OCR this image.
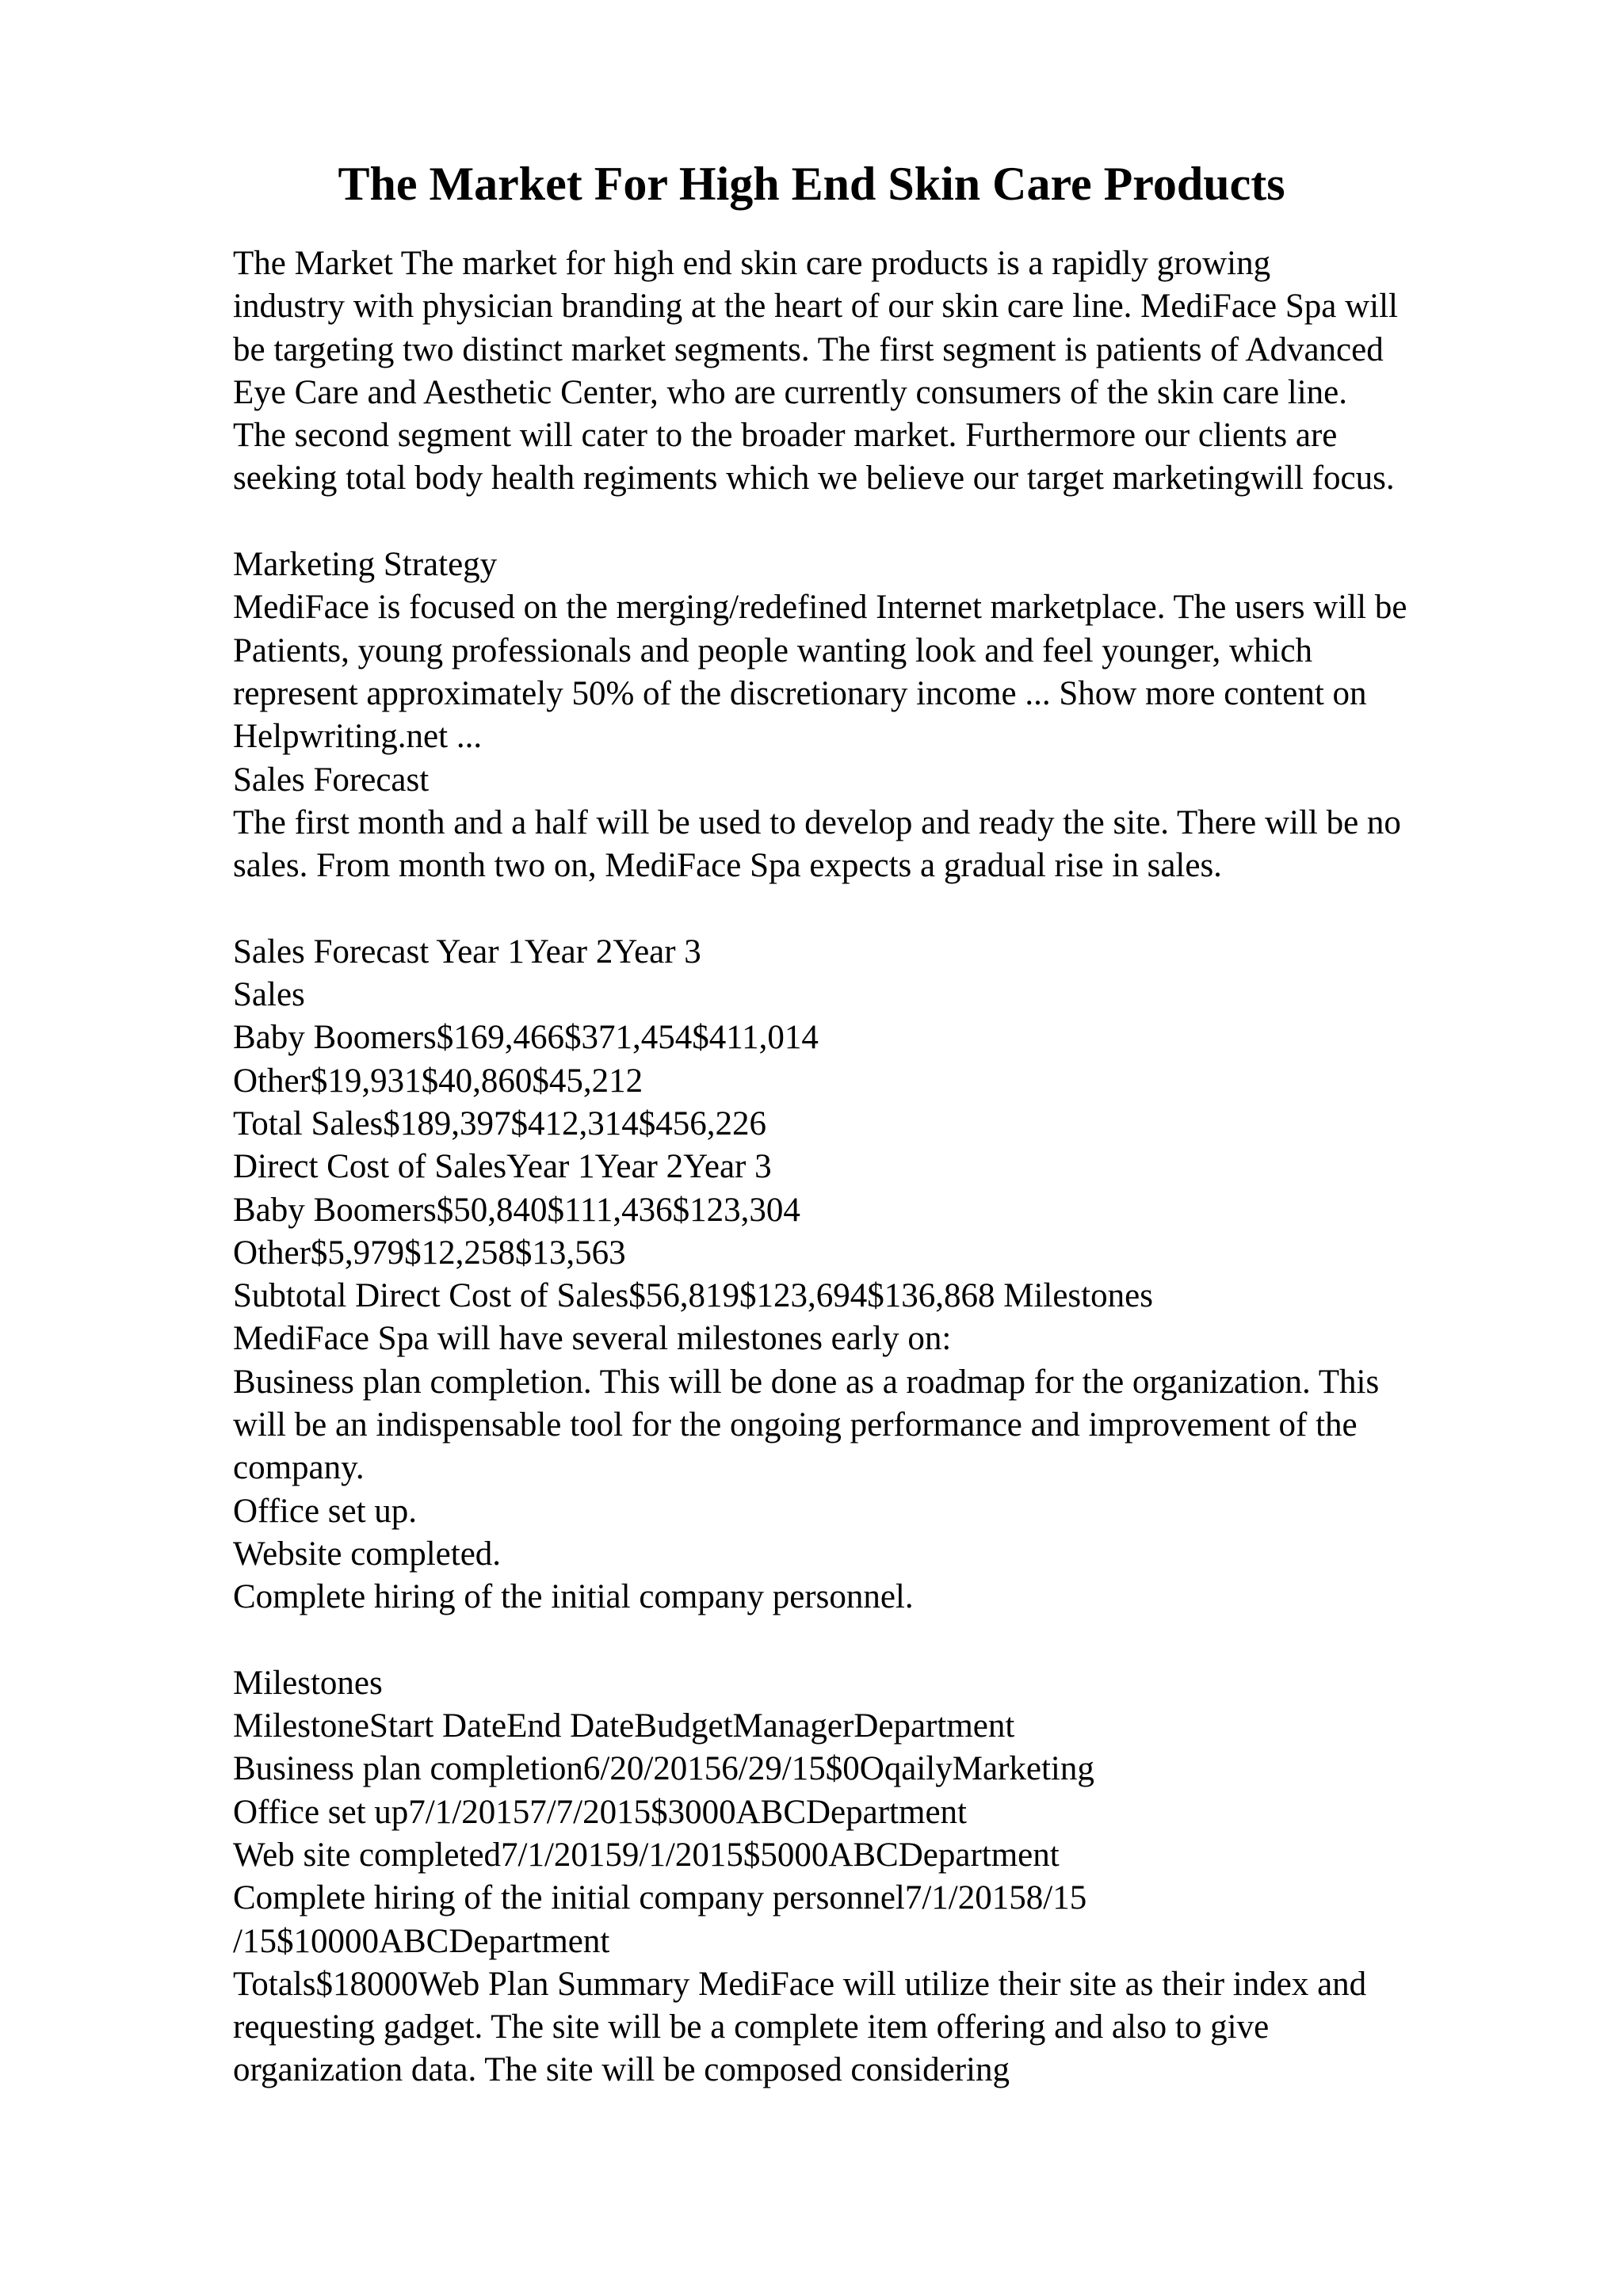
The Market For High End Skin Care Products
The Market The market for high end skin care products is a rapidly growing
industry with physician branding at the heart of our skin care line. MediFace Spa will
be targeting two distinct market segments. The first segment is patients of Advanced
Eye Care and Aesthetic Center, who are currently consumers of the skin care line.
The second segment will cater to the broader market. Furthermore our clients are
seeking total body health regiments which we believe our target marketingwill focus.
Marketing Strategy
MediFace is focused on the merging/redefined Internet marketplace. The users will be
Patients, young professionals and people wanting look and feel younger, which
represent approximately 50% of the discretionary income ... Show more content on
Helpwriting.net ...
Sales Forecast
The first month and a half will be used to develop and ready the site. There will be no
sales. From month two on, MediFace Spa expects a gradual rise in sales.
Sales Forecast Year 1Year 2Year 3
Sales
Baby Boomers$169,466$371,454$411,014
Other$19,931$40,860$45,212
Total Sales$189,397$412,314$456,226
Direct Cost of SalesYear 1Year 2Year 3
Baby Boomers$50,840$111,436$123,304
Other$5,979$12,258$13,563
Subtotal Direct Cost of Sales$56,819$123,694$136,868 Milestones
MediFace Spa will have several milestones early on:
Business plan completion. This will be done as a roadmap for the organization. This
will be an indispensable tool for the ongoing performance and improvement of the
company.
Office set up.
Website completed.
Complete hiring of the initial company personnel.
Milestones
MilestoneStart DateEnd DateBudgetManagerDepartment
Business plan completion6/20/20156/29/15$0OqailyMarketing
Office set up7/1/20157/7/2015$3000ABCDepartment
Web site completed7/1/20159/1/2015$5000ABCDepartment
Complete hiring of the initial company personnel7/1/20158/15
/15$10000ABCDepartment
Totals$18000Web Plan Summary MediFace will utilize their site as their index and
requesting gadget. The site will be a complete item offering and also to give
organization data. The site will be composed considering
